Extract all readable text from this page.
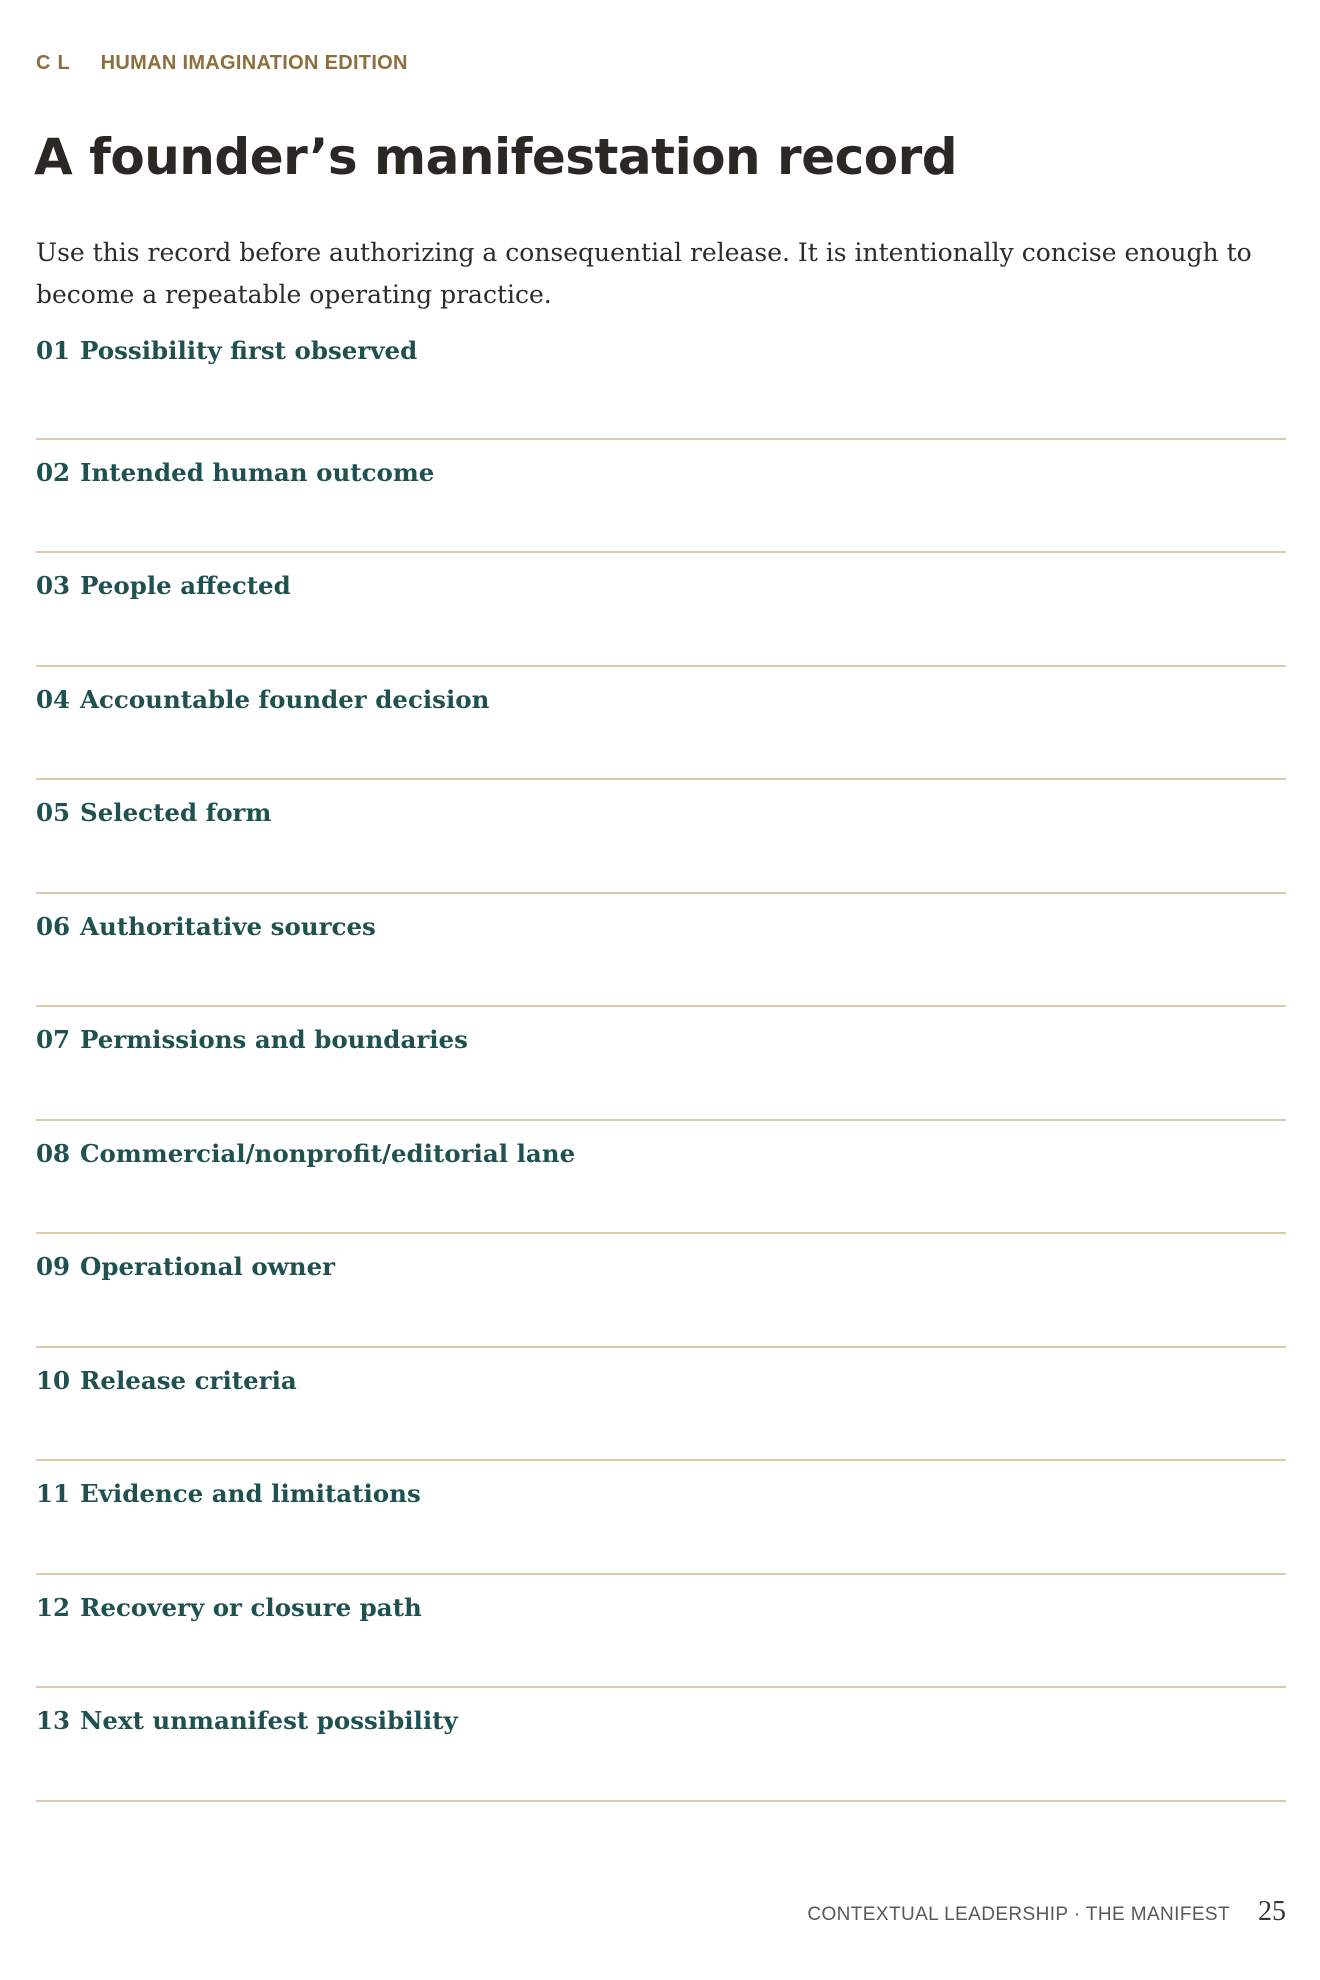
CL HUMAN IMAGINATION EDITION
A founder’s manifestation record

Use this record before authorizing a consequential release. It is intentionally concise enough to become a repeatable operating practice.

01 Possibility first observed
02 Intended human outcome
03 People affected
04 Accountable founder decision
05 Selected form
06 Authoritative sources
07 Permissions and boundaries
08 Commercial/nonprofit/editorial lane
09 Operational owner
10 Release criteria
11 Evidence and limitations
12 Recovery or closure path
13 Next unmanifest possibility
CONTEXTUAL LEADERSHIP · THE MANIFEST 25
